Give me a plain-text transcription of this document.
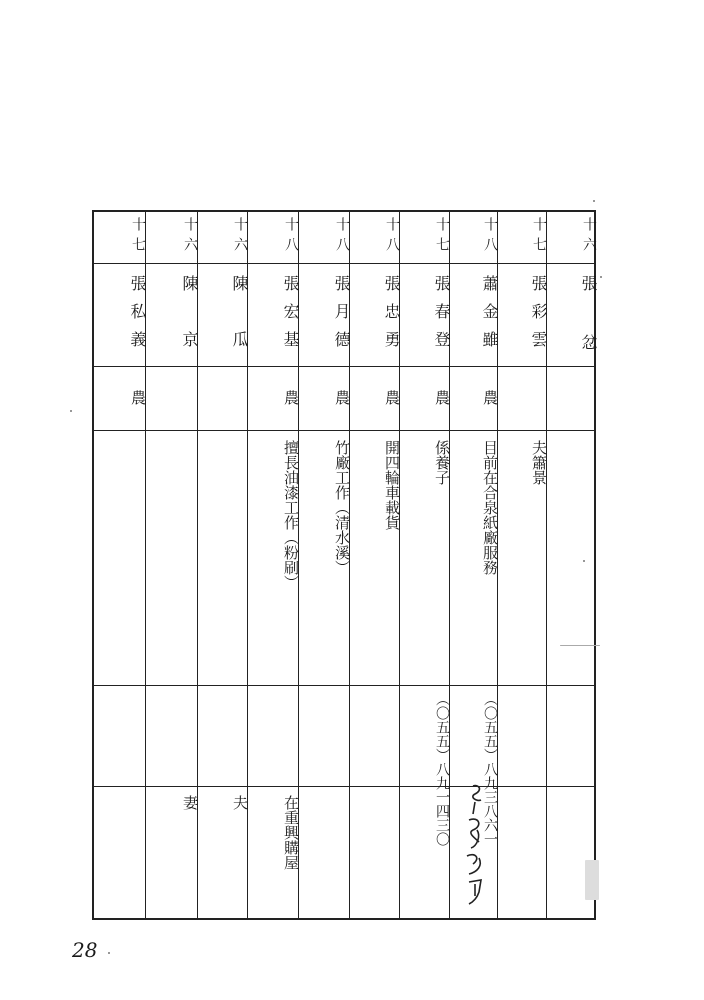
十七
張私義
農
十六
陳京
妻
十六
陳瓜
夫
十八
張宏基
農
擅長油漆工作（粉刷）
在重興購屋
十八
張月德
農
竹廠工作（清水溪）
十八
張忠勇
農
開四輪車載貨
十七
張春登
農
係養子
（〇五五）八九一四三〇
十八
蕭金雖
農
目前在合泉紙廠服務
（〇五五）八九三八六一
十七
張彩雲
夫簫景
十六
張 忿
28
